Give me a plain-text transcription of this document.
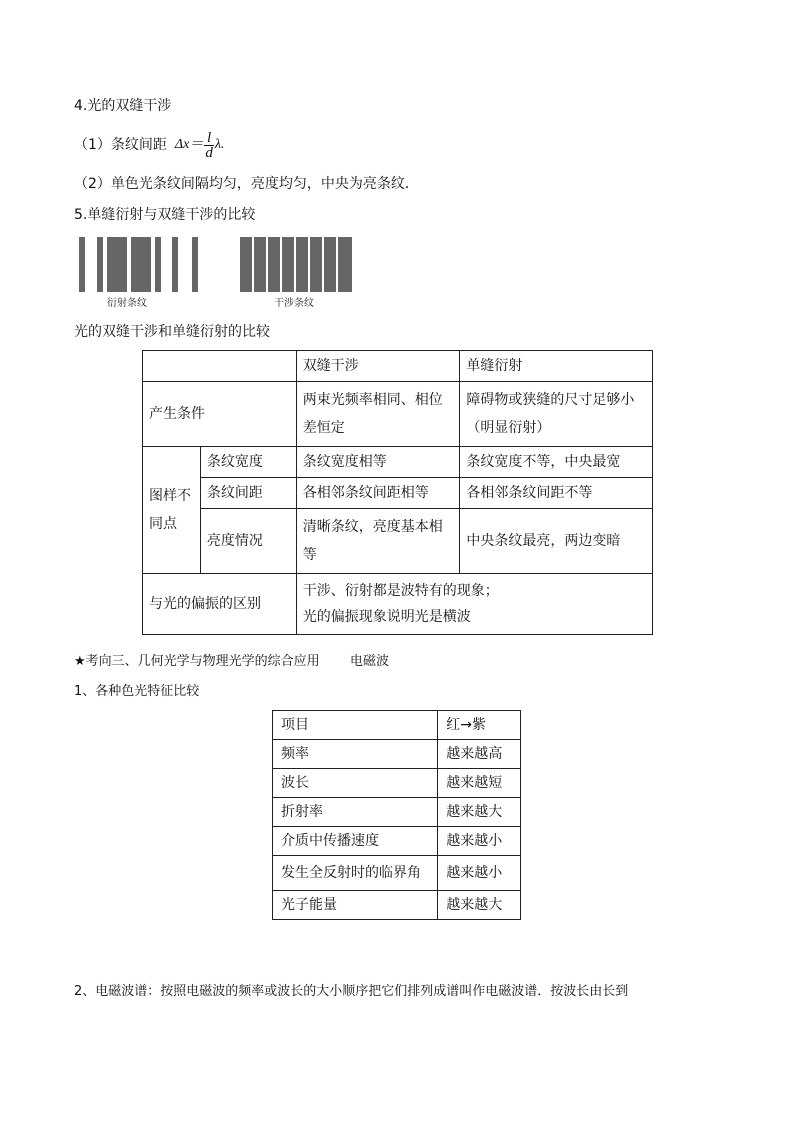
4.光的双缝干涉
（1）条纹间距 $\Delta x= \frac{l}{d} \lambda$.
（2）单色光条纹间隔均匀，亮度均匀，中央为亮条纹．
5.单缝衍射与双缝干涉的比较
衍射条纹	干涉条纹
光的双缝干涉和单缝衍射的比较
		双缝干涉	单缝衍射
产生条件		两束光频率相同、相位差恒定	障碍物或狭缝的尺寸足够小（明显衍射）
图样不同点	条纹宽度	条纹宽度相等	条纹宽度不等，中央最宽
	条纹间距	各相邻条纹间距相等	各相邻条纹间距不等
	亮度情况	清晰条纹，亮度基本相等	中央条纹最亮，两边变暗
与光的偏振的区别		干涉、衍射都是波特有的现象；
光的偏振现象说明光是横波	
★考向三、几何光学与物理光学的综合应用 电磁波
1、各种色光特征比较
项目	红→紫
频率	越来越高
波长	越来越短
折射率	越来越大
介质中传播速度	越来越小
发生全反射时的临界角	越来越小
光子能量	越来越大
2、电磁波谱：按照电磁波的频率或波长的大小顺序把它们排列成谱叫作电磁波谱．按波长由长到
